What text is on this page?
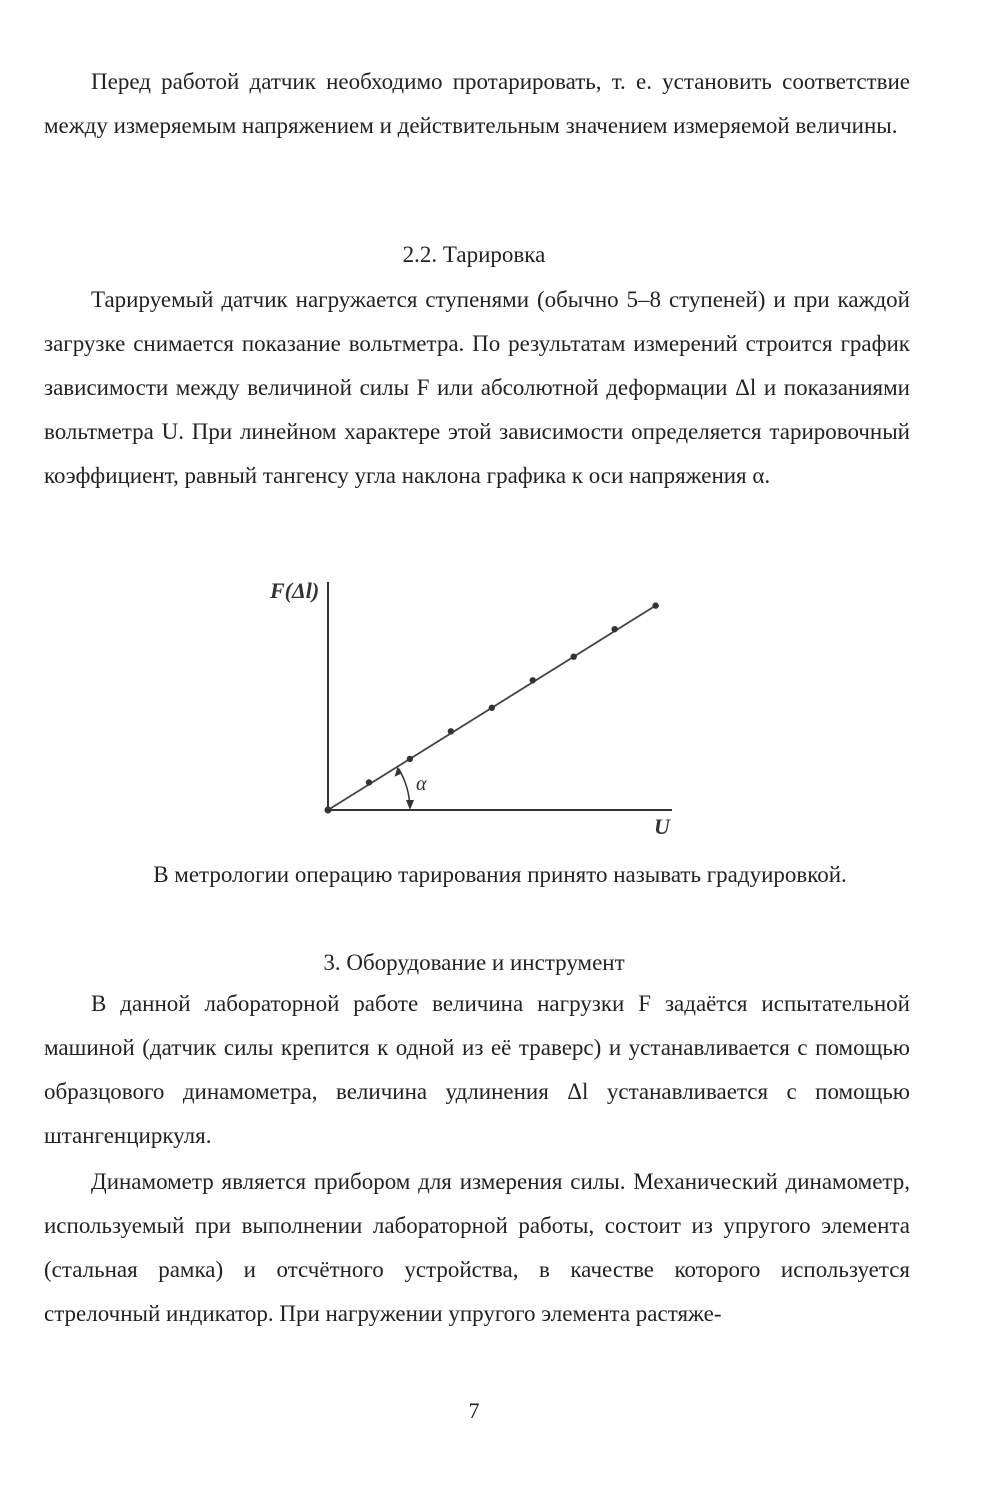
Перед работой датчик необходимо протарировать, т. е. установить соответствие между измеряемым напряжением и действительным значением измеряемой величины.

2.2. Тарировка

Тарируемый датчик нагружается ступенями (обычно 5–8 ступеней) и при каждой загрузке снимается показание вольтметра. По результатам измерений строится график зависимости между величиной силы F или абсолютной деформации Δl и показаниями вольтметра U. При линейном характере этой зависимости определяется тарировочный коэффициент, равный тангенсу угла наклона графика к оси напряжения α.

F(Δl)
U
α

В метрологии операцию тарирования принято называть градуировкой.

3. Оборудование и инструмент

В данной лабораторной работе величина нагрузки F задаётся испытательной машиной (датчик силы крепится к одной из её траверс) и устанавливается с помощью образцового динамометра, величина удлинения Δl устанавливается с помощью штангенциркуля.

Динамометр является прибором для измерения силы. Механический динамометр, используемый при выполнении лабораторной работы, состоит из упругого элемента (стальная рамка) и отсчётного устройства, в качестве которого используется стрелочный индикатор. При нагружении упругого элемента растяже-

7
